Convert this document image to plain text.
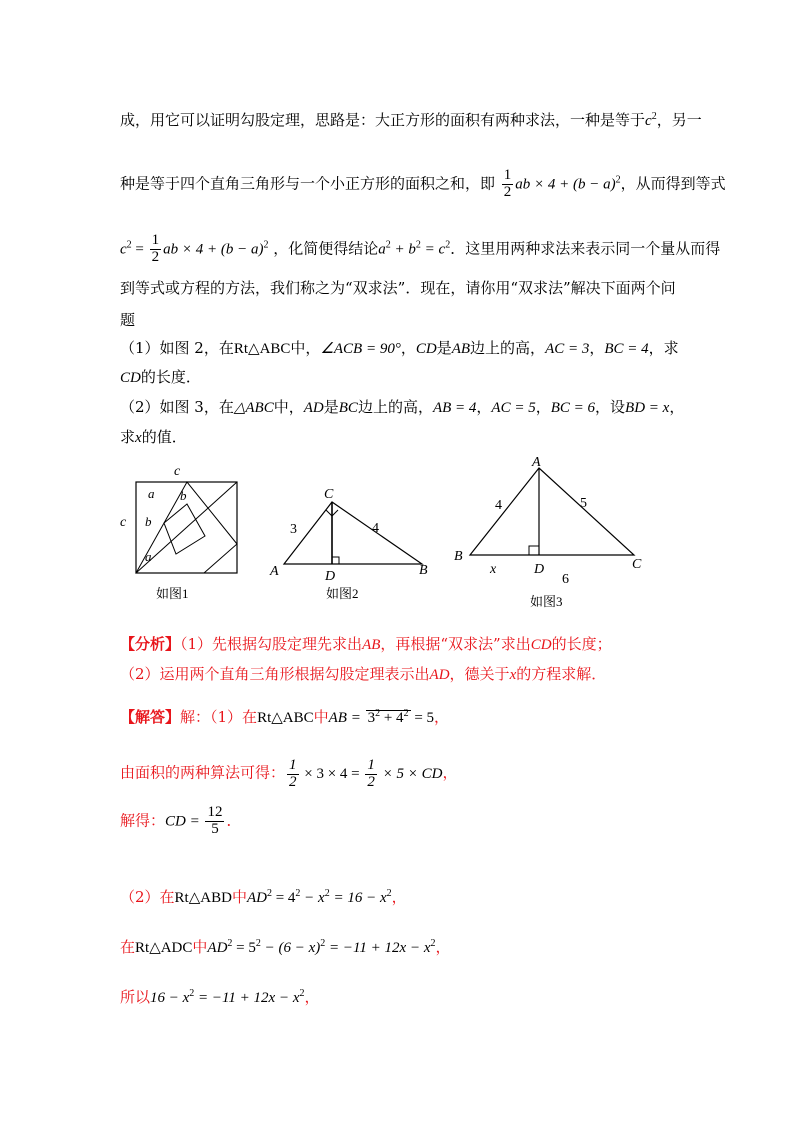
成，用它可以证明勾股定理，思路是：大正方形的面积有两种求法，一种是等于$c^2$，另一
种是等于四个直角三角形与一个小正方形的面积之和，即 $\frac{1}{2}$ ab × $4 + (b - a)^2$，从而得到等式
$c^2 = \frac{1}{2}$ ab × $4 + (b - a)^2$ ，化简便得结论$a^2 + b^2 = c^2$．这里用两种求法来表示同一个量从而得
到等式或方程的方法，我们称之为“双求法”．现在，请你用“双求法”解决下面两个问
题
（1）如图 2，在Rt△ABC中，∠ACB = 90°，CD是AB边上的高，AC = 3，BC = 4，求
CD的长度．
（2）如图 3，在△ABC中，AD是BC边上的高，AB = 4，AC = 5，BC = 6，设BD = x，
求x的值．
c
c
a b
b
a
如图1
A	B
C
D
3	4
如图2
A
B
C
D
4	5
x
6
如图3
【分析】（1）先根据勾股定理先求出AB，再根据“双求法”求出CD的长度；
（2）运用两个直角三角形根据勾股定理表示出AD，德关于x的方程求解．
【解答】解：（1）在Rt△ABC中AB = $3^2 + 4^2 = 5$，
由面积的两种算法可得： $\frac{1}{2} \times 3 \times 4 = \frac{1}{2} \times 5$ × CD，
解得：CD = $\frac{12}{5}$ ．
（2）在Rt△ABD中$AD^2 = 4^2 - x^2 = 16 - x^2$，
在Rt△ADC中$AD^2 = 5^2 - (6 - x)^2 = -11 + 12x - x^2$，
所以$16 - x^2 = -11 + 12x - x^2$，
